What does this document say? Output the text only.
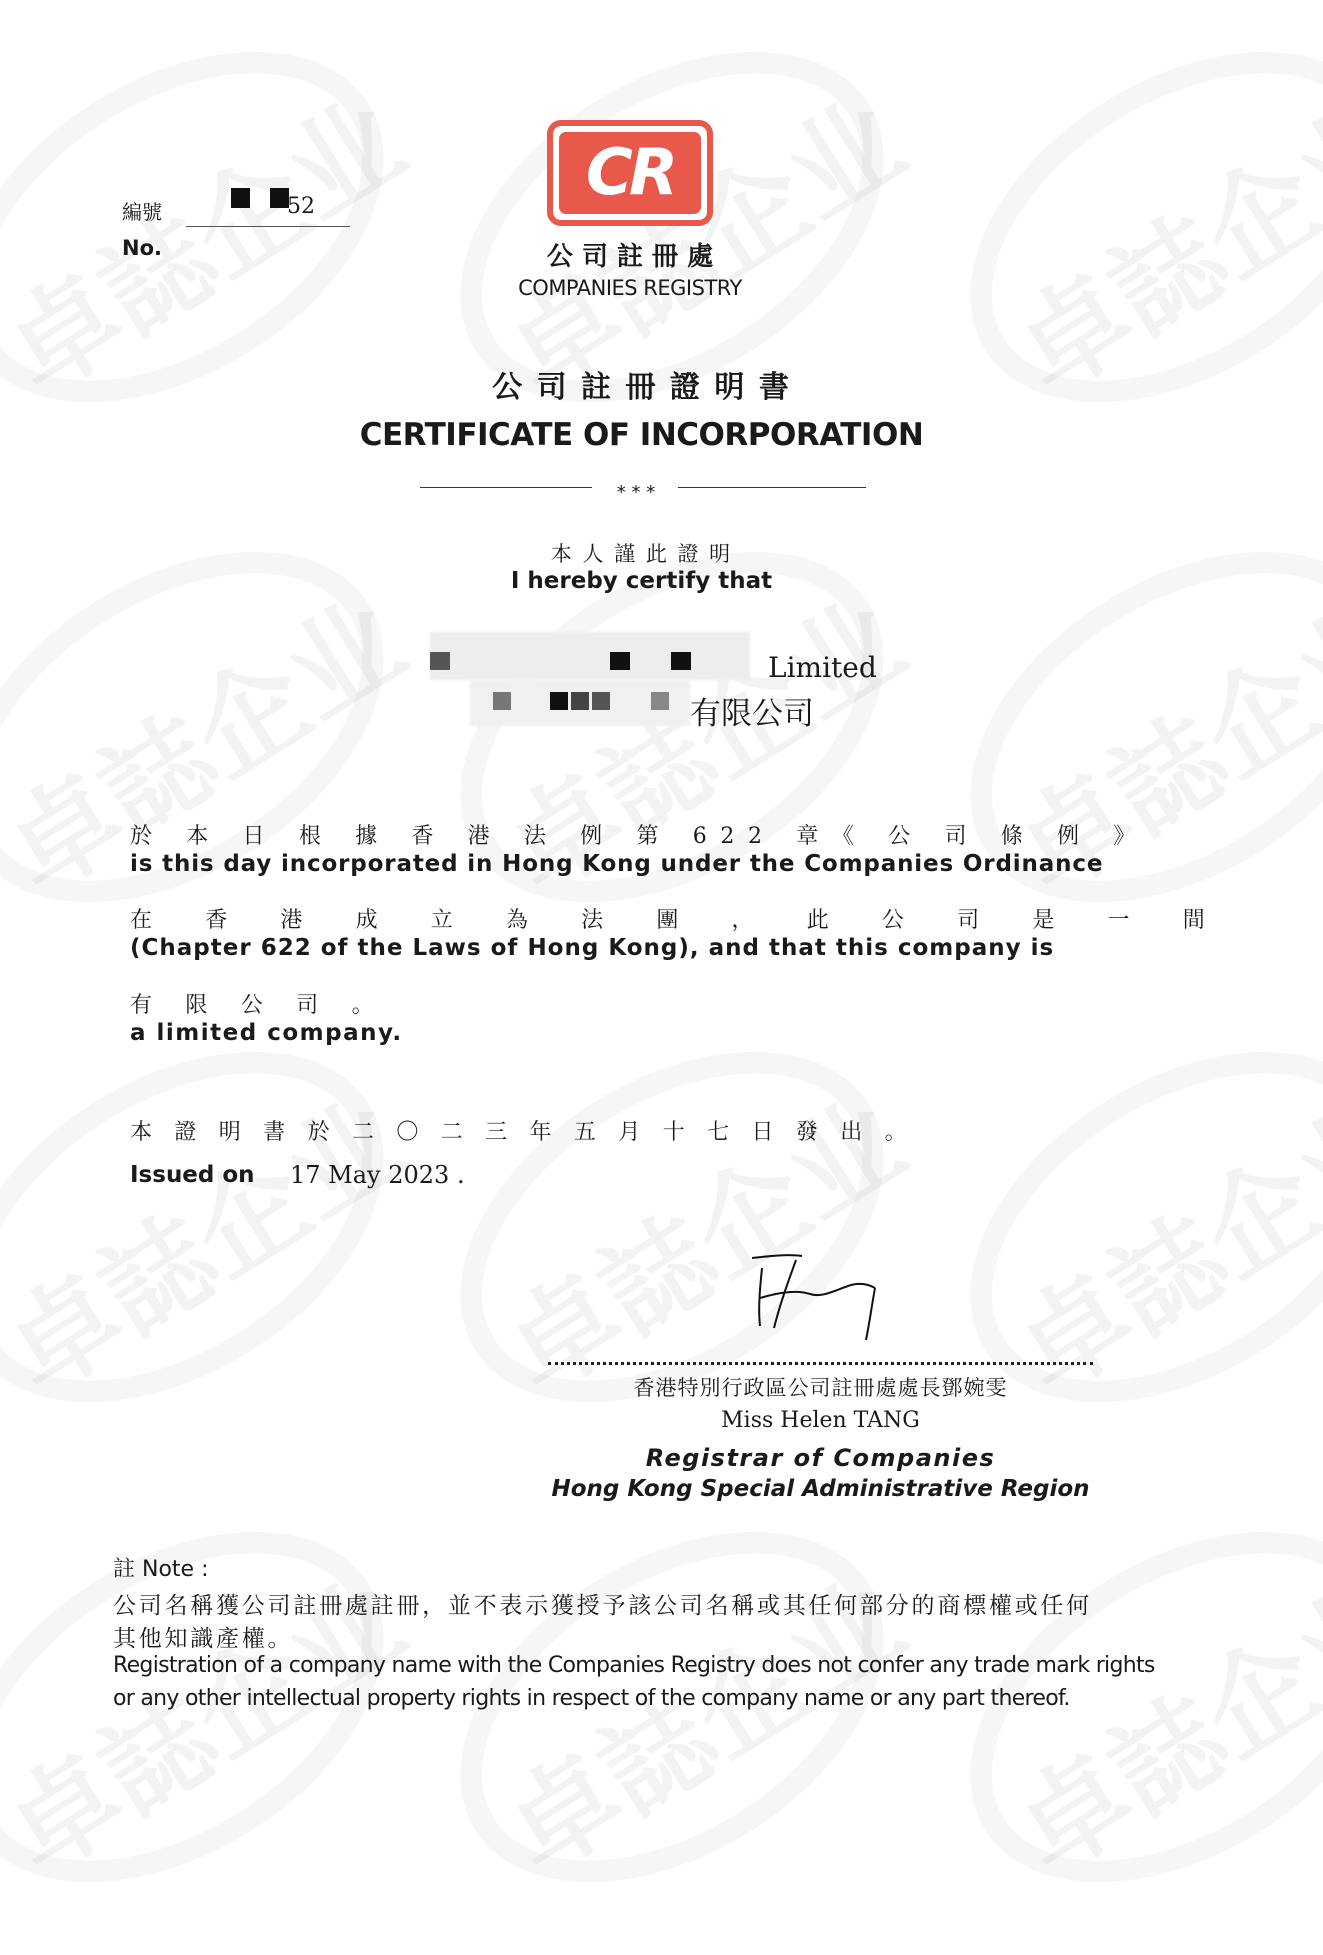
編號
No.
52	CR
公 司 註 冊 處
COMPANIES REGISTRY
公 司 註 冊 證 明 書
CERTIFICATE OF INCORPORATION
* * *
本 人 謹 此 證 明
I hereby certify that
Limited
有限公司
於 本 日 根 據 香 港 法 例 第 622 章《 公 司 條 例 》
is this day incorporated in Hong Kong under the Companies Ordinance
在 香 港 成 立 為 法 團 ， 此 公 司 是 一 間
(Chapter 622 of the Laws of Hong Kong), and that this company is
有 限 公 司 。
a limited company.
本 證 明 書 於 二 〇 二 三 年 五 月 十 七 日 發 出 。
Issued on 17 May 2023 .
香港特別行政區公司註冊處處長鄧婉雯
Miss Helen TANG
Registrar of Companies
Hong Kong Special Administrative Region
註 Note :
公司名稱獲公司註冊處註冊，並不表示獲授予該公司名稱或其任何部分的商標權或任何
其他知識產權。
Registration of a company name with the Companies Registry does not confer any trade mark rights
or any other intellectual property rights in respect of the company name or any part thereof.
